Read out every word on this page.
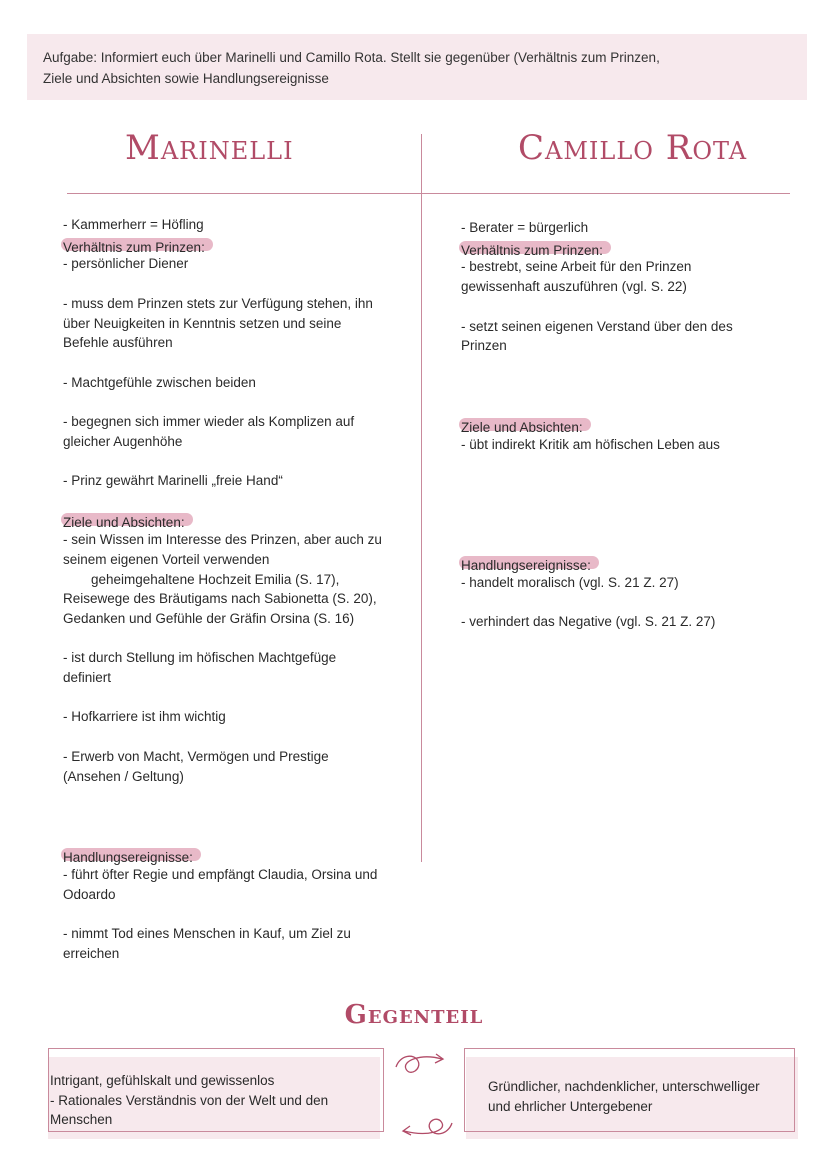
Aufgabe: Informiert euch über Marinelli und Camillo Rota. Stellt sie gegenüber (Verhältnis zum Prinzen,
Ziele und Absichten sowie Handlungsereignisse
Marinelli	Camillo Rota

- Kammerherr = Höfling

Verhältnis zum Prinzen:

- persönlicher Diener

- muss dem Prinzen stets zur Verfügung stehen, ihn

über Neuigkeiten in Kenntnis setzen und seine

Befehle ausführen

- Machtgefühle zwischen beiden

- begegnen sich immer wieder als Komplizen auf

gleicher Augenhöhe

- Prinz gewährt Marinelli „freie Hand“

Ziele und Absichten:

- sein Wissen im Interesse des Prinzen, aber auch zu

seinem eigenen Vorteil verwenden

geheimgehaltene Hochzeit Emilia (S. 17),

Reisewege des Bräutigams nach Sabionetta (S. 20),

Gedanken und Gefühle der Gräfin Orsina (S. 16)

- ist durch Stellung im höfischen Machtgefüge

definiert

- Hofkarriere ist ihm wichtig

- Erwerb von Macht, Vermögen und Prestige

(Ansehen / Geltung)

Handlungsereignisse:

- führt öfter Regie und empfängt Claudia, Orsina und

Odoardo

- nimmt Tod eines Menschen in Kauf, um Ziel zu

erreichen

- Berater = bürgerlich

Verhältnis zum Prinzen:

- bestrebt, seine Arbeit für den Prinzen

gewissenhaft auszuführen (vgl. S. 22)

- setzt seinen eigenen Verstand über den des

Prinzen

Ziele und Absichten:

- übt indirekt Kritik am höfischen Leben aus

Handlungsereignisse:

- handelt moralisch (vgl. S. 21 Z. 27)

- verhindert das Negative (vgl. S. 21 Z. 27)

Gegenteil
Intrigant, gefühlskalt und gewissenlos
- Rationales Verständnis von der Welt und den
Menschen
Gründlicher, nachdenklicher, unterschwelliger
und ehrlicher Untergebener
